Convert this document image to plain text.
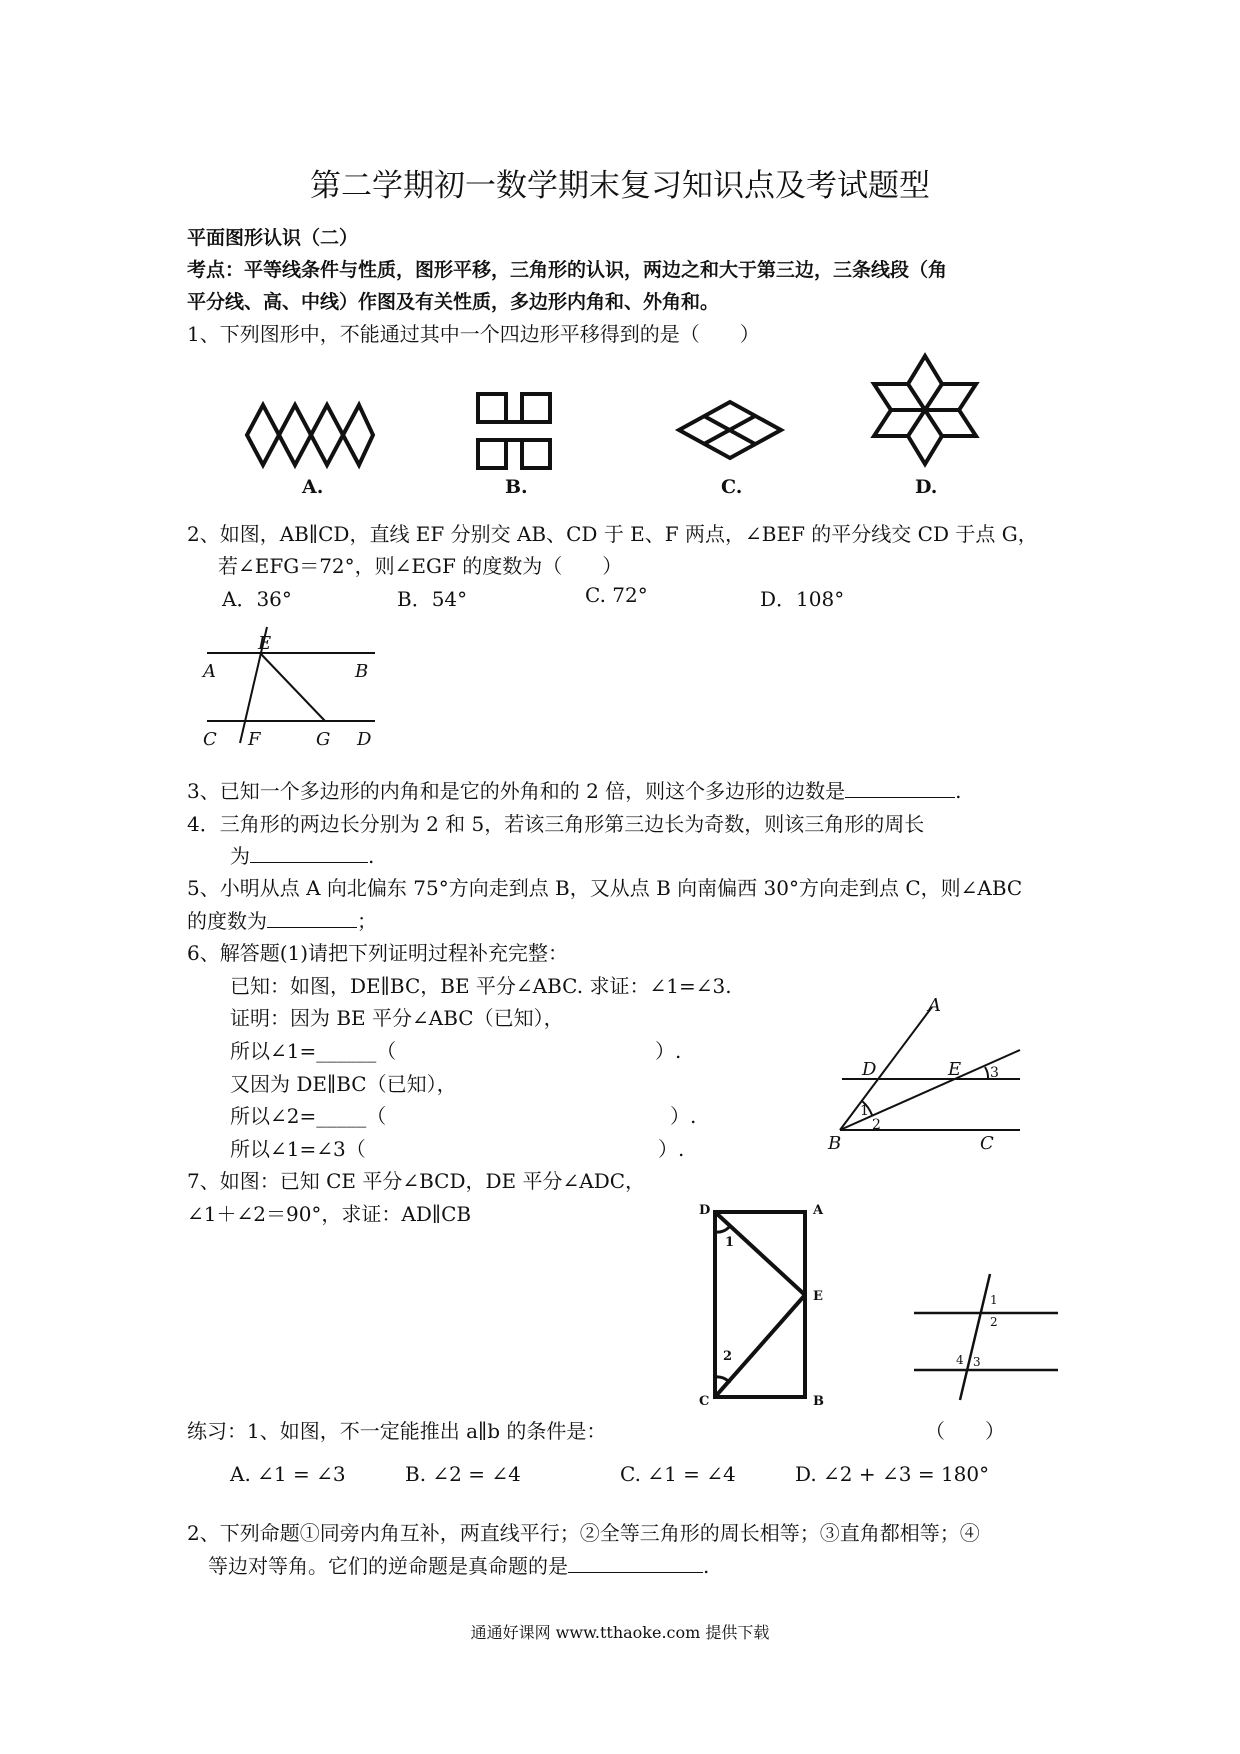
第二学期初一数学期末复习知识点及考试题型
平面图形认识（二）
考点：平等线条件与性质，图形平移，三角形的认识，两边之和大于第三边，三条线段（角
平分线、高、中线）作图及有关性质，多边形内角和、外角和。
1、下列图形中，不能通过其中一个四边形平移得到的是（　　）
A.	B.	C.	D.
2、如图，AB∥CD，直线 EF 分别交 AB、CD 于 E、F 两点，∠BEF 的平分线交 CD 于点 G，
若∠EFG＝72°，则∠EGF 的度数为（　　）
A．36°	B．54°	C. 72°	D．108°
E
A	B
C F	G D
3、已知一个多边形的内角和是它的外角和的 2 倍，则这个多边形的边数是	.
4．三角形的两边长分别为 2 和 5，若该三角形第三边长为奇数，则该三角形的周长
为	.
5、小明从点 A 向北偏东 75°方向走到点 B，又从点 B 向南偏西 30°方向走到点 C，则∠ABC
的度数为	；
6、解答题(1)请把下列证明过程补充完整：
已知：如图，DE∥BC，BE 平分∠ABC. 求证：∠1=∠3.
证明：因为 BE 平分∠ABC（已知），
所以∠1=______（	）.
又因为 DE∥BC（已知），
所以∠2=_____（	）.
所以∠1=∠3（	）.
A
D	E
B	C
3
1
2
7、如图：已知 CE 平分∠BCD，DE 平分∠ADC，
∠1＋∠2＝90°，求证：AD∥CB	D	A
E
C	B
1
2
1
2
4 3
练习：1、如图，不一定能推出 a∥b 的条件是：	（　　）
A. ∠1 = ∠3	B. ∠2 = ∠4	C. ∠1 = ∠4	D. ∠2 + ∠3 = 180°
2、下列命题①同旁内角互补，两直线平行；②全等三角形的周长相等；③直角都相等；④
等边对等角。它们的逆命题是真命题的是	.
通通好课网 www.tthaoke.com 提供下载
